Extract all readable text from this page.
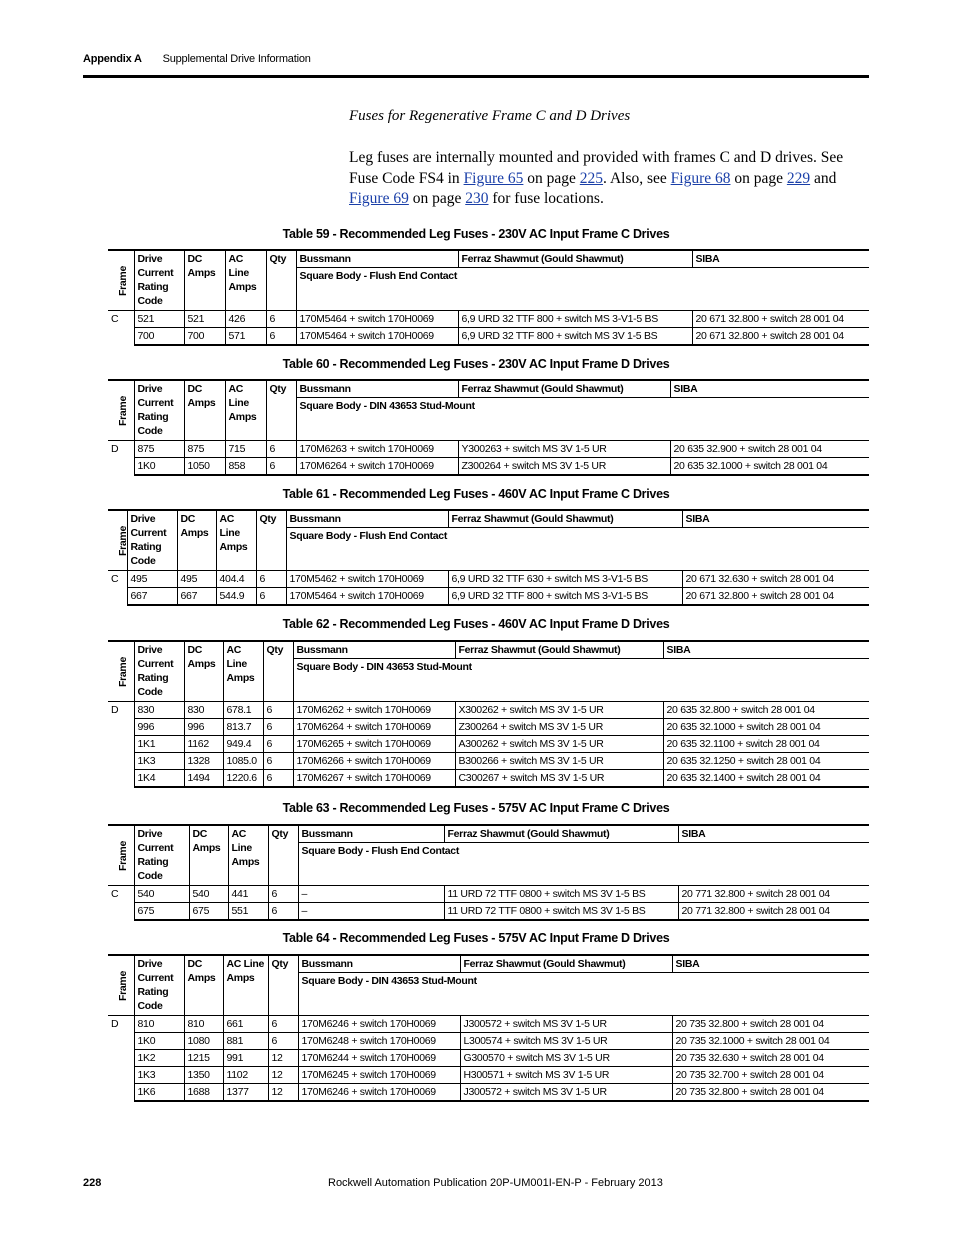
Appendix A Supplemental Drive Information
Fuses for Regenerative Frame C and D Drives
Leg fuses are internally mounted and provided with frames C and D drives. See Fuse Code FS4 in Figure 65 on page 225. Also, see Figure 68 on page 229 and Figure 69 on page 230 for fuse locations.
Table 59 - Recommended Leg Fuses - 230V AC Input Frame C Drives
Frame	Drive Current Rating Code	DC Amps	AC Line Amps	Qty	Bussmann	Ferraz Shawmut (Gould Shawmut)	SIBA
					Square Body - Flush End Contact		
C	521	521	426	6	170M5464 + switch 170H0069	6,9 URD 32 TTF 800 + switch MS 3-V1-5 BS	20 671 32.800 + switch 28 001 04
	700	700	571	6	170M5464 + switch 170H0069	6,9 URD 32 TTF 800 + switch MS 3V 1-5 BS	20 671 32.800 + switch 28 001 04
Table 60 - Recommended Leg Fuses - 230V AC Input Frame D Drives
Frame	Drive Current Rating Code	DC Amps	AC Line Amps	Qty	Bussmann	Ferraz Shawmut (Gould Shawmut)	SIBA
					Square Body - DIN 43653 Stud-Mount		
D	875	875	715	6	170M6263 + switch 170H0069	Y300263 + switch MS 3V 1-5 UR	20 635 32.900 + switch 28 001 04
	1K0	1050	858	6	170M6264 + switch 170H0069	Z300264 + switch MS 3V 1-5 UR	20 635 32.1000 + switch 28 001 04
Table 61 - Recommended Leg Fuses - 460V AC Input Frame C Drives
Frame	Drive Current Rating Code	DC Amps	AC Line Amps	Qty	Bussmann	Ferraz Shawmut (Gould Shawmut)	SIBA
					Square Body - Flush End Contact		
C	495	495	404.4	6	170M5462 + switch 170H0069	6,9 URD 32 TTF 630 + switch MS 3-V1-5 BS	20 671 32.630 + switch 28 001 04
	667	667	544.9	6	170M5464 + switch 170H0069	6,9 URD 32 TTF 800 + switch MS 3-V1-5 BS	20 671 32.800 + switch 28 001 04
Table 62 - Recommended Leg Fuses - 460V AC Input Frame D Drives
Frame	Drive Current Rating Code	DC Amps	AC Line Amps	Qty	Bussmann	Ferraz Shawmut (Gould Shawmut)	SIBA
					Square Body - DIN 43653 Stud-Mount		
D	830	830	678.1	6	170M6262 + switch 170H0069	X300262 + switch MS 3V 1-5 UR	20 635 32.800 + switch 28 001 04
	996	996	813.7	6	170M6264 + switch 170H0069	Z300264 + switch MS 3V 1-5 UR	20 635 32.1000 + switch 28 001 04
	1K1	1162	949.4	6	170M6265 + switch 170H0069	A300262 + switch MS 3V 1-5 UR	20 635 32.1100 + switch 28 001 04
	1K3	1328	1085.0	6	170M6266 + switch 170H0069	B300266 + switch MS 3V 1-5 UR	20 635 32.1250 + switch 28 001 04
	1K4	1494	1220.6	6	170M6267 + switch 170H0069	C300267 + switch MS 3V 1-5 UR	20 635 32.1400 + switch 28 001 04
Table 63 - Recommended Leg Fuses - 575V AC Input Frame C Drives
Frame	Drive Current Rating Code	DC Amps	AC Line Amps	Qty	Bussmann	Ferraz Shawmut (Gould Shawmut)	SIBA
					Square Body - Flush End Contact		
C	540	540	441	6	–	11 URD 72 TTF 0800 + switch MS 3V 1-5 BS	20 771 32.800 + switch 28 001 04
	675	675	551	6	–	11 URD 72 TTF 0800 + switch MS 3V 1-5 BS	20 771 32.800 + switch 28 001 04
Table 64 - Recommended Leg Fuses - 575V AC Input Frame D Drives
Frame	Drive Current Rating Code	DC Amps	AC Line Amps	Qty	Bussmann	Ferraz Shawmut (Gould Shawmut)	SIBA
					Square Body - DIN 43653 Stud-Mount		
D	810	810	661	6	170M6246 + switch 170H0069	J300572 + switch MS 3V 1-5 UR	20 735 32.800 + switch 28 001 04
	1K0	1080	881	6	170M6248 + switch 170H0069	L300574 + switch MS 3V 1-5 UR	20 735 32.1000 + switch 28 001 04
	1K2	1215	991	12	170M6244 + switch 170H0069	G300570 + switch MS 3V 1-5 UR	20 735 32.630 + switch 28 001 04
	1K3	1350	1102	12	170M6245 + switch 170H0069	H300571 + switch MS 3V 1-5 UR	20 735 32.700 + switch 28 001 04
	1K6	1688	1377	12	170M6246 + switch 170H0069	J300572 + switch MS 3V 1-5 UR	20 735 32.800 + switch 28 001 04
228	Rockwell Automation Publication 20P-UM001I-EN-P - February 2013
